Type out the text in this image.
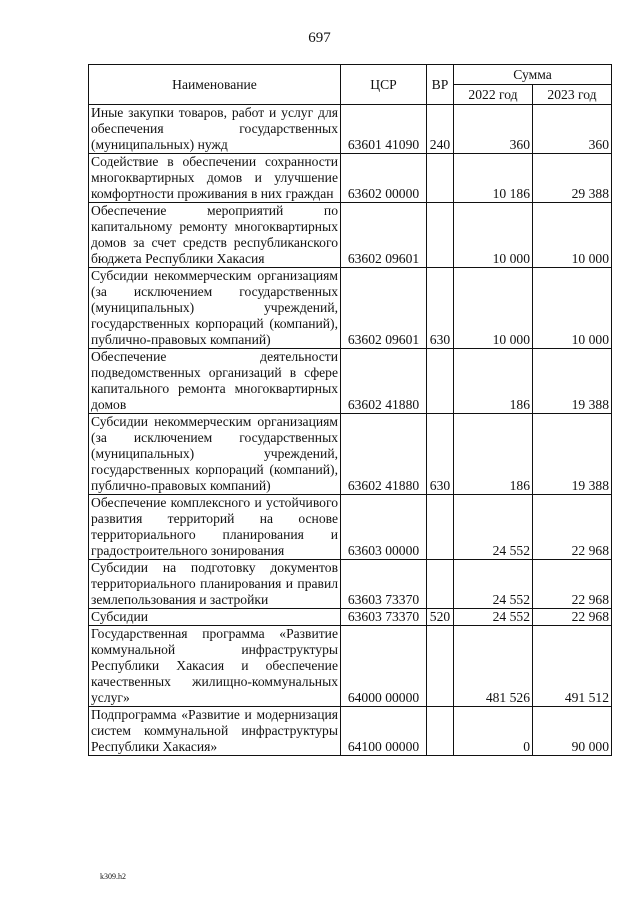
697
Наименование	ЦСР	ВР	Сумма	
			2022 год	2023 год
Иные закупки товаров, работ и услуг для обеспечения государственных (муниципальных) нужд	63601 41090	240	360	360
Содействие в обеспечении сохранности многоквартирных домов и улучшение комфортности проживания в них граждан	63602 00000		10 186	29 388
Обеспечение мероприятий по капитальному ремонту многоквартирных домов за счет средств республиканского бюджета Республики Хакасия	63602 09601		10 000	10 000
Субсидии некоммерческим организациям (за исключением государственных (муниципальных) учреждений, государственных корпораций (компаний), публично-правовых компаний)	63602 09601	630	10 000	10 000
Обеспечение деятельности подведомственных организаций в сфере капитального ремонта многоквартирных домов	63602 41880		186	19 388
Субсидии некоммерческим организациям (за исключением государственных (муниципальных) учреждений, государственных корпораций (компаний), публично-правовых компаний)	63602 41880	630	186	19 388
Обеспечение комплексного и устойчивого развития территорий на основе территориального планирования и градостроительного зонирования	63603 00000		24 552	22 968
Субсидии на подготовку документов территориального планирования и правил землепользования и застройки	63603 73370		24 552	22 968
Субсидии	63603 73370	520	24 552	22 968
Государственная программа «Развитие коммунальной инфраструктуры Республики Хакасия и обеспечение качественных жилищно-коммунальных услуг»	64000 00000		481 526	491 512
Подпрограмма «Развитие и модернизация систем коммунальной инфраструктуры Республики Хакасия»	64100 00000		0	90 000
k309.h2
